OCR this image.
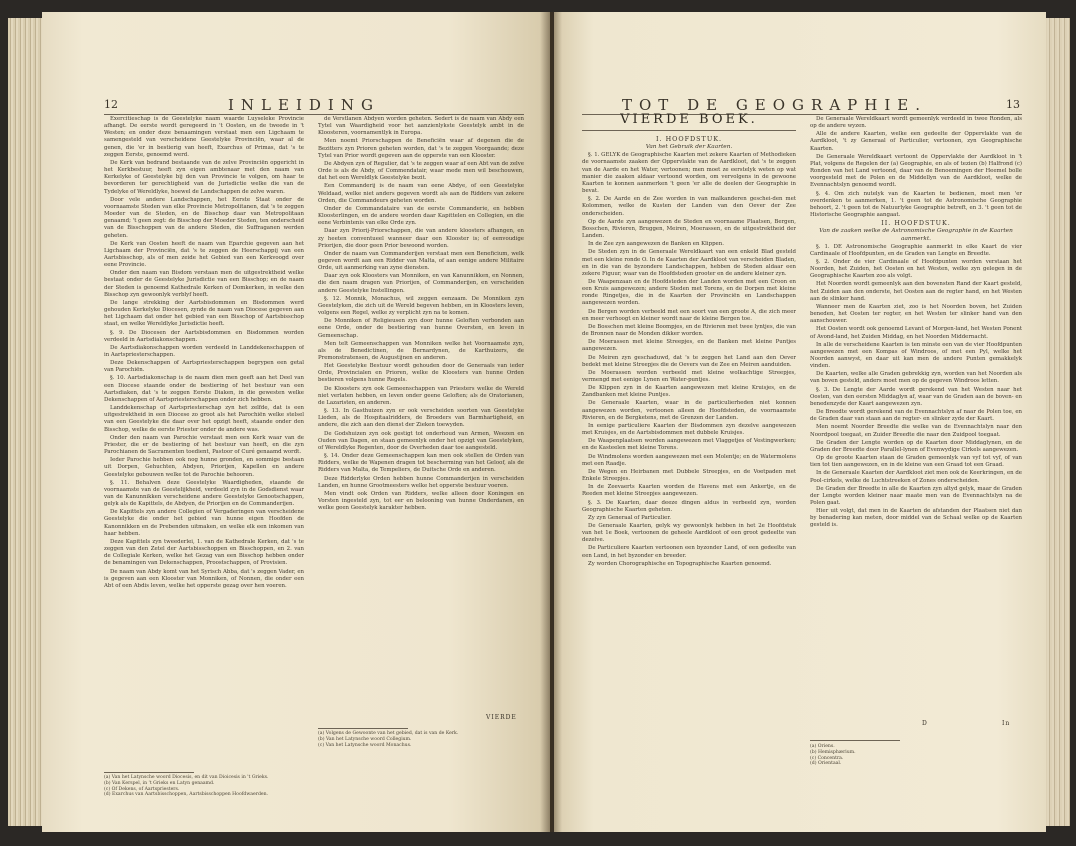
12	INLEIDING

Exercitieschap is de Geestelyke naam waarde Luyseleke Provincie afhangt. De eerste wordt geregeerd in 't Oosten, en de tweede in 't Westen; en onder deze benaamingen verstaat men een Ligchaam te samengesteld van verscheidene Geestelyke Provinciën, waar al de genen, die 'er in bestierig van heeft, Exarchus of Primas, dat 's te zeggen Eerste, genoemd werd.

De Kerk van bedrand bestaande van de zelve Provinciën opgericht in het Kerkbestuur, heeft zyn eigen ambtenaar met den naam van Kerkelyke of Geestelyke bij den van Provincie te volgen, om haar te bevorderen ter gerechtigheid van de Jurisdictie welke die van de Tydelyke of Wereldlyke, hoewel de Landschappen de zelve waren.

Door vele andere Landschappen, het Eerste Staat onder de voornaamste Steden van elke Provincie Metropolitanen, dat 's te zeggen Moeder van de Steden, en de Bisschop daar van Metropolitaan genaamd; 't geen zegt: de Bisschop der Moeder Steden, ten onderscheid van de Bisschoppen van de andere Steden, die Suffraganen werden geheten.

De Kerk van Oosten heeft de naam van Eparchie gegeven aan het Ligchaam der Provinciën, dat 's te zeggen de Heerschappij van een Aartsbisschop, als of men zeide het Gebied van een Kerkvoogd over eene Provincie.

Onder den naam van Bisdom verstaan men de uitgestrektheid welke bestaat onder de Geestelyke Jurisdictie van een Bisschop; en de naam der Steden is genoemd Kathedrale Kerken of Domkerken, in welke den Bisschop zyn gewoonlyk verblyf heeft.

De lange strekking der Aartsbisdommen en Bisdommen werd gehouden Kerkelyke Diocesen, zynde de naam van Diocese gegeven aan het Ligchaam dat onder het gebied van een Bisschop of Aartsbisschop staat, en welke Wereldlyke Jurisdictie heeft.

§. 9. De Diocesen der Aartsbisdommen en Bisdommen worden verdeeld in Aartsdiakonschappen.

De Aartsdiakonschappen worden verdeeld in Landdekenschappen of in Aartspriesterschappen.

Deze Dekenschappen of Aartspriesterschappen begrypen een getal van Parochiën.

§. 10. Aartsdiakonschap is de naam dien men geeft aan het Deel van een Diocese staande onder de bestiering of het bestuur van een Aartsdiaken, dat 's te zeggen Eerste Diaken, in die gewesten welke Dekenschappen of Aartspriesterschappen onder zich hebben.

Landdekenschap of Aartspriesterschap zyn het zelfde, dat is een uitgestrektheid in een Diocese zo groot als het Parochiën welke stelsel van een Geestelyke die daar over het opzigt heeft, staande onder den Bisschop, welke de eerste Priester onder de andere was.

Onder den naam van Parochie verstaat men een Kerk waar van de Priester, die er de bestiering of het bestuur van heeft, en die zyn Parochianen de Sacramenten toedient, Pastoor of Curé genaamd wordt.

Ieder Parochie hebben ook nog hunne gronden, en sommige bestaan uit Dorpen, Gehuchten, Abdyen, Priorijen, Kapellen en andere Geestelyke gebouwen welke tot de Parochie behooren.

§. 11. Behalven deze Geestelyke Waardigheden, staande de voornaamste van de Geestelijkheid, verdeeld zyn in de Godsdienst waar van de Kanunnikken verscheidene andere Geestelyke Genootschappen, gelyk als de Kapittels, de Abdyen, de Priorijen en de Commanderijen.

De Kapittels zyn andere Collegien of Vergaderingen van verscheidene Geestelyke die onder het gebied van hunne eigen Hoofden de Kanonnikken en de Prebenden uitmaken, en welke elk een inkomen van haar hebben.

Deze Kapittels zyn tweederlei, 1. van de Kathedrale Kerken, dat 's te zeggen van den Zetel der Aartsbisschoppen en Bisschoppen, en 2. van de Collegiale Kerken, welke het Gezag van een Bisschop hebben onder de benamingen van Dekenschappen, Proostschappen, of Provisien.

De naam van Abdy komt van het Syrisch Abba, dat 's zeggen Vader, en is gegeven aan een Klooster van Monniken, of Nonnen, die onder een Abt of een Abdis leven, welke het opperste gezag over hen voeren.

de Verstlanen Abdyen worden geheten. Sedert is de naam van Abdy een Tytel van Waardigheid voor het aanzienlykste Geestelyk ambt in de Kloosteren, voornamentlyk in Europa.

Men noemt Priorschappen de Beneficiën waar af degenen die de Bezitters zyn Prioren geheten worden, dat 's te zeggen Voorgaande; deze Tytel van Prior wordt gegeven aan de opperste van een Klooster.

De Abdyen zyn of Regulier, dat 's te zeggen waar af een Abt van de zelve Orde is als de Abdy, of Commendatair, waar mede men wil beschouwen, dat het een Wereldlyk Geestelyke bezit.

Een Commanderij is de naam van eene Abdye, of een Geestelyke Weldaad, welke niet anders gegeven wordt als aan de Ridders van zekere Orden, die Commandeurs geheten worden.

Onder de Commandataire van de eerste Commanderie, en hebben Kloosterlingen, en de andere worden daar Kapittelen en Collegien, en die eene Verbintenis van elke Orde zyn.

Daar zyn Priorij-Priorschappen, die van andere kloosters afhangen, en zy heeten conventueel wanneer daar een Klooster is; of eenvoudige Priorijen, die door geen Prior bewoond worden.

Onder de naam van Commanderijen verstaat men een Beneficium, welk gegeven wordt aan een Ridder van Malta, of aan eenige andere Militaire Orde, uit aanmerking van zyne diensten.

Daar zyn ook Kloosters van Monniken, en van Kanunnikken, en Nonnen, die den naam dragen van Priorijen, of Commanderijen, en verscheiden andere Geestelyke Instellingen.

§. 12. Monnik, Monachus, wil zeggen eenzaam. De Monniken zyn Geestelyken, die zich uit de Wereld begeven hebben, en in Kloosters leven, volgens een Regel, welke zy verplicht zyn na te komen.

De Monniken of Religieusen zyn door hunne Geloften verbonden aan eene Orde, onder de bestiering van hunne Oversten, en leven in Gemeenschap.

Men telt Gemeenschappen van Monniken welke het Voornaamste zyn, als de Benedictinen, de Bernardynen, de Karthuizers, de Premonstratensen, de Augustijnen en anderen.

Het Geestelyke Bestuur wordt gehouden door de Generaals van ieder Orde, Provincialen en Prioren, welke de Kloosters van hunne Orden bestieren volgens hunne Regels.

De Kloosters zyn ook Gemeenschappen van Priesters welke de Wereld niet verlaten hebben, en leven onder geene Geloften; als de Oratorianen, de Lazaristen, en anderen.

§. 13. In Gasthuizen zyn er ook verscheiden soorten van Geestelyke Lieden, als de Hospitaalridders, de Broeders van Barmhartigheid, en andere, die zich aan den dienst der Zieken toewyden.

De Godshuizen zyn ook gestigt tot onderhoud van Armen, Weezen en Ouden van Dagen, en staan gemeenlyk onder het opzigt van Geestelyken, of Wereldlyke Regenten, door de Overheden daar toe aangesteld.

§. 14. Onder deze Gemeenschappen kan men ook stellen de Orden van Ridders, welke de Wapenen dragen tot bescherming van het Geloof, als de Ridders van Malta, de Tempeliers, de Duitsche Orde en anderen.

Deze Ridderlyke Orden hebben hunne Commanderijen in verscheiden Landen, en hunne Grootmeesters welke het opperste bestuur voeren.

Men vindt ook Orden van Ridders, welke alleen door Koningen en Vorsten ingesteld zyn, tot eer en belooning van hunne Onderdanen, en welke geen Geestelyk karakter hebben.

(a) Van het Latynsche woord Diocesis, en dit van Dioicesis in 't Grieks.
(b) Van Kerspel, in 't Grieks en Latyn genaamd.
(c) Of Dekens, of Aartspriesters.
(d) Exarchus van Aartsbisschoppen, Aartsbisschoppen Hoofdwaerden.
(a) Volgens de Gewoonte van het gebied, dat is van de Kerk.
(b) Van het Latynsche woord Collegium.
(c) Van het Latynsche woord Monachus.
VIERDE
TOT DE GEOGRAPHIE.	13
VIERDE BOEK.

I. HOOFDSTUK.

Van het Gebruik der Kaarten.

§. 1. GELYK de Geographische Kaarten met zekere Kaarten of Methodieken de voornaamste zaaken der Oppervlakte van de Aardkloot, dat 's te zeggen van de Aarde en het Water, vertoonen; men moet ze eerstelyk weten op wat manier die zaaken aldaar vertoond worden, om vervolgens in de gewoone Kaarten te konnen aanmerken 't geen 'er alle de deelen der Geographie in bevat.

§. 2. De Aarde en de Zee worden in van malkanderen geschei-den met Kolommen, welke de Kusten der Landen van den Oever der Zee onderscheiden.

Op de Aarde zyn aangewezen de Steden en voornaame Plaatsen, Bergen, Bosschen, Rivieren, Bruggen, Meiren, Moerassen, en de uitgestrektheid der Landen.

In de Zee zyn aangewezen de Banken en Klippen.

De Steden zyn in de Generaale Wereldkaart van een enkeld Blad gesteld met een kleine ronde O. In de Kaarten der Aardkloot van verscheiden Bladen, en in die van de byzondere Landschappen, hebben de Steden aldaar een zekere Figuur, waar van de Hoofdsteden grooter en de andere kleiner zyn.

De Waapenzaan en de Hoofdsteden der Landen worden met een Croon en een Kruis aangewezen; andere Steden met Torens, en de Dorpen met kleine ronde Ringetjes, die in de Kaarten der Provinciën en Landschappen aangewezen worden.

De Bergen worden verbeeld met een soort van een groote A, die zich meer en meer verhoogt en kleiner wordt naar de kleine Bergen toe.

De Bosschen met kleine Boompjes, en de Rivieren met twee lyntjes, die van de Bronnen naar de Monden dikker worden.

De Moerassen met kleine Streepjes, en de Banken met kleine Puntjes aangewezen.

De Meiren zyn geschaduwd, dat 's te zeggen het Land aan den Oever bedekt met kleine Streepjes die de Oevers van de Zee en Meiren aanduiden.

De Moerassen worden verbeeld met kleine wolkachtige Streepjes, vermengd met eenige Lynen en Water-puntjes.

De Klippen zyn in de Kaarten aangewezen met kleine Kruisjes, en de Zandbanken met kleine Puntjes.

De Generaale Kaarten, waar in de particulierheden niet konnen aangewezen worden, vertoonen alleen de Hoofdsteden, de voornaamste Rivieren, en de Bergketens, met de Grenzen der Landen.

In eenige particuliere Kaarten der Bisdommen zyn dezelve aangewezen met Kruisjes, en de Aartsbisdommen met dubbele Kruisjes.

De Waapenplaatsen worden aangewezen met Vlaggetjes of Vestingwerken; en de Kasteelen met kleine Torens.

De Windmolens worden aangewezen met een Molentje; en de Watermolens met een Raadje.

De Wegen en Heirbanen met Dubbele Streepjes, en de Voetpaden met Enkele Streepjes.

In de Zeevaerts Kaarten worden de Havens met een Ankertje, en de Reeden met kleine Streepjes aangewezen.

§. 3. De Kaarten, daar deeze dingen aldus in verbeeld zyn, worden Geographische Kaarten geheten.

Zy zyn Generaal of Particulier.

De Generaale Kaarten, gelyk wy gewoonlyk hebben in het 2e Hoofdstuk van het 1e Boek, vertoonen de geheele Aardkloot of een groot gedeelte van dezelve.

De Particuliere Kaarten vertoonen een byzonder Land, of een gedeelte van een Land, in het byzonder en breeder.

Zy worden Chorographische en Topographische Kaarten genoemd.

De Generaale Wereldkaart wordt gemeenlyk verdeeld in twee Ronden, als op de andere wyzen.

Alle de andere Kaarten, welke een gedeelte der Oppervlakte van de Aardkloot, 't zy Generaal of Particulier, vertoonen, zyn Geographische Kaarten.

De Generaale Wereldkaart vertoont de Oppervlakte der Aardkloot in 't Plat, volgens de Regelen der (a) Geographie, en als of tezien (b) Halfrond (c) Ronden van het Land vertoond, daar van de Benoemingen der Heemel bolle voorgesteld met de Polen en de Middellyn van de Aardkloot, welke de Evennachtslyn genoemd wordt.

§. 4. Om zich nutelyk van de Kaarten te bedienen, moet men 'er overdenken te aanmerken, 1. 't geen tot de Astronomische Geographie behoort, 2. 't geen tot de Natuurlyke Geographie betreft, en 3. 't geen tot de Historische Geographie aangaat.

II. HOOFDSTUK.

Van de zaaken welke de Astronomische Geographie in de Kaarten aanmerkt.

§. 1. DE Astronomische Geographie aanmerkt in elke Kaart de vier Cardinaale of Hoofdpunten, en de Graden van Lengte en Breedte.

§. 2. Onder de vier Cardinaale of Hoofdpunten worden verstaan het Noorden, het Zuiden, het Oosten en het Westen, welke zyn gelegen in de Geographische Kaarten zoo als volgt.

Het Noorden wordt gemeenlyk aan den bovensten Rand der Kaart gesteld, het Zuiden aan den onderste, het Oosten aan de regter hand, en het Westen aan de slinker hand.

Wanneer men de Kaarten ziet, zoo is het Noorden boven, het Zuiden beneden, het Oosten ter regter, en het Westen ter slinker hand van den aanschouwer.

Het Oosten wordt ook genoemd Levant of Morgen-land, het Westen Ponent of Avond-land, het Zuiden Middag, en het Noorden Middernacht.

In alle de verscheidene Kaarten is ten minste een van de vier Hoofdpunten aangewezen met een Kompas of Windroos, of met een Pyl, welke het Noorden aanwyst, en daar uit kan men de andere Punten gemakkelyk vinden.

De Kaarten, welke alle Graden gebrekkig zyn, worden van het Noorden als van boven gesteld, anders moet men op de gegeven Windroos letten.

§. 3. De Lengte der Aarde wordt gerekend van het Westen naar het Oosten, van den eersten Middaglyn af, waar van de Graden aan de boven- en benedenzyde der Kaart aangewezen zyn.

De Breedte wordt gerekend van de Evennachtslyn af naar de Polen toe, en de Graden daar van staan aan de regter- en slinker zyde der Kaart.

Men noemt Noorder Breedte die welke van de Evennachtslyn naar den Noordpool toegaat, en Zuider Breedte die naar den Zuidpool toegaat.

De Graden der Lengte worden op de Kaarten door Middaglynen, en de Graden der Breedte door Parallel-lynen of Evenwydige Cirkels aangewezen.

Op de groote Kaarten staan de Graden gemeenlyk van vyf tot vyf, of van tien tot tien aangewezen, en in de kleine van een Graad tot een Graad.

In de Generaale Kaarten der Aardkloot ziet men ook de Keerkringen, en de Pool-cirkels, welke de Luchtstreeken of Zones onderscheiden.

De Graden der Breedte in alle de Kaarten zyn altyd gelyk, maar de Graden der Lengte worden kleiner naar maate men van de Evennachtslyn na de Polen gaat.

Hier uit volgt, dat men in de Kaarten de afstanden der Plaatsen niet dan by benadering kan meten, door middel van de Schaal welke op de Kaarten gesteld is.

(a) Oriens.
(b) Hemisphærium.
(c) Concentra.
(d) Orientaal.
D	In
